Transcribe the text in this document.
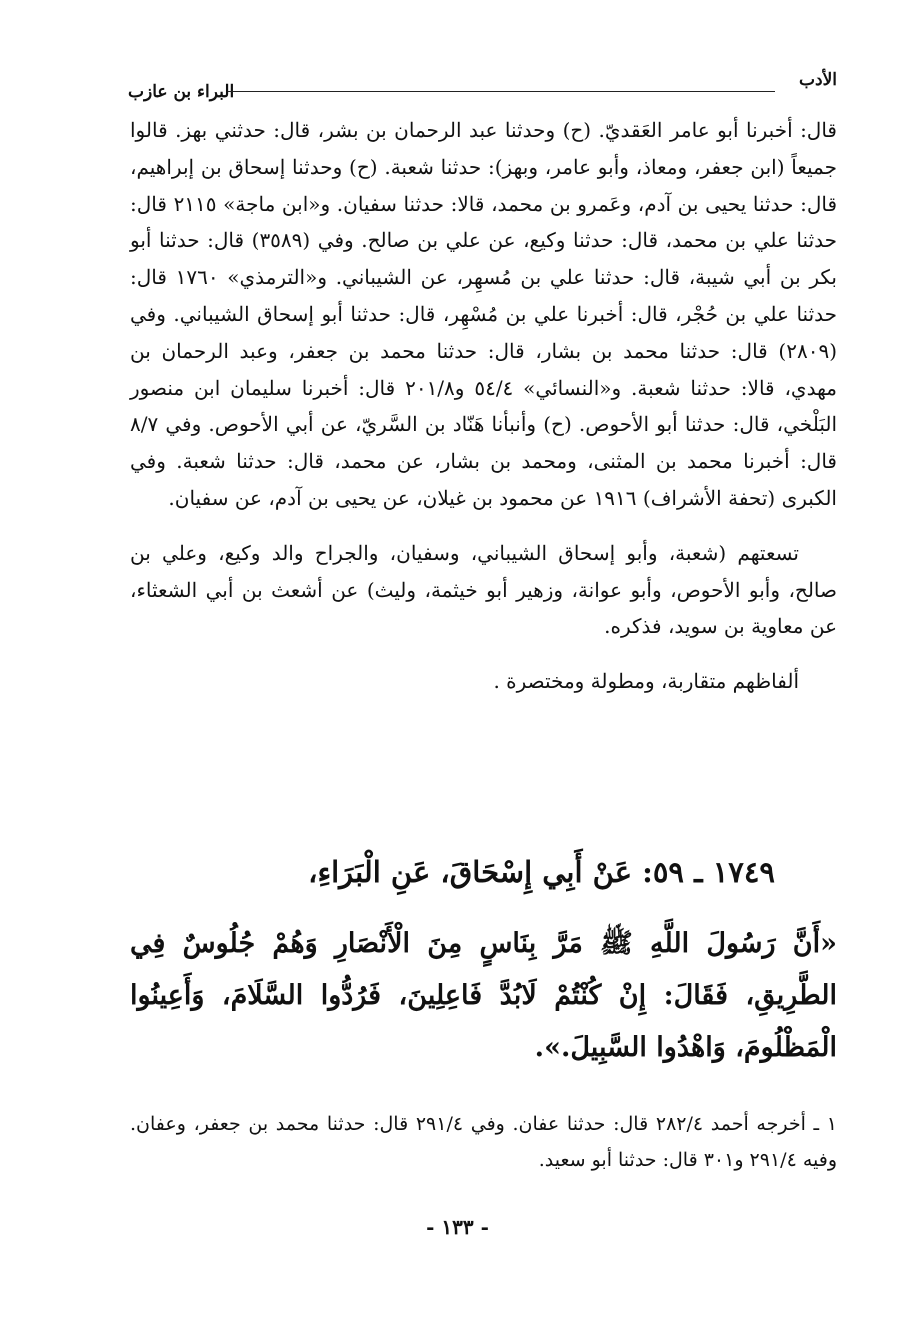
الأدب
البراء بن عازب

قال: أخبرنا أبو عامر العَقديّ. (ح) وحدثنا عبد الرحمان بن بشر، قال: حدثني بهز. قالوا جميعاً (ابن جعفر، ومعاذ، وأبو عامر، وبهز): حدثنا شعبة. (ح) وحدثنا إسحاق بن إبراهيم، قال: حدثنا يحيى بن آدم، وعَمرو بن محمد، قالا: حدثنا سفيان. و«ابن ماجة» ٢١١٥ قال: حدثنا علي بن محمد، قال: حدثنا وكيع، عن علي بن صالح. وفي (٣٥٨٩) قال: حدثنا أبو بكر بن أبي شيبة، قال: حدثنا علي بن مُسهِر، عن الشيباني. و«الترمذي» ١٧٦٠ قال: حدثنا علي بن حُجْر، قال: أخبرنا علي بن مُسْهِر، قال: حدثنا أبو إسحاق الشيباني. وفي (٢٨٠٩) قال: حدثنا محمد بن بشار، قال: حدثنا محمد بن جعفر، وعبد الرحمان بن مهدي، قالا: حدثنا شعبة. و«النسائي» ٥٤/٤ و٢٠١/٨ قال: أخبرنا سليمان ابن منصور البَلْخي، قال: حدثنا أبو الأحوص. (ح) وأنبأنا هَنّاد بن السَّريّ، عن أبي الأحوص. وفي ٨/٧ قال: أخبرنا محمد بن المثنى، ومحمد بن بشار، عن محمد، قال: حدثنا شعبة. وفي الكبرى (تحفة الأشراف) ١٩١٦ عن محمود بن غيلان، عن يحيى بن آدم، عن سفيان.

تسعتهم (شعبة، وأبو إسحاق الشيباني، وسفيان، والجراح والد وكيع، وعلي بن صالح، وأبو الأحوص، وأبو عوانة، وزهير أبو خيثمة، وليث) عن أشعث بن أبي الشعثاء، عن معاوية بن سويد، فذكره.

ألفاظهم متقاربة، ومطولة ومختصرة .

١٧٤٩ ـ ٥٩: عَنْ أَبِي إِسْحَاقَ، عَنِ الْبَرَاءِ،
«أَنَّ رَسُولَ اللَّهِ ﷺ مَرَّ بِنَاسٍ مِنَ الْأَنْصَارِ وَهُمْ جُلُوسٌ فِي الطَّرِيقِ، فَقَالَ: إِنْ كُنْتُمْ لَابُدَّ فَاعِلِينَ، فَرُدُّوا السَّلَامَ، وَأَعِينُوا الْمَظْلُومَ، وَاهْدُوا السَّبِيلَ.».
١ ـ أخرجه أحمد ٢٨٢/٤ قال: حدثنا عفان. وفي ٢٩١/٤ قال: حدثنا محمد بن جعفر، وعفان. وفيه ٢٩١/٤ و٣٠١ قال: حدثنا أبو سعيد.
- ١٣٣ -
